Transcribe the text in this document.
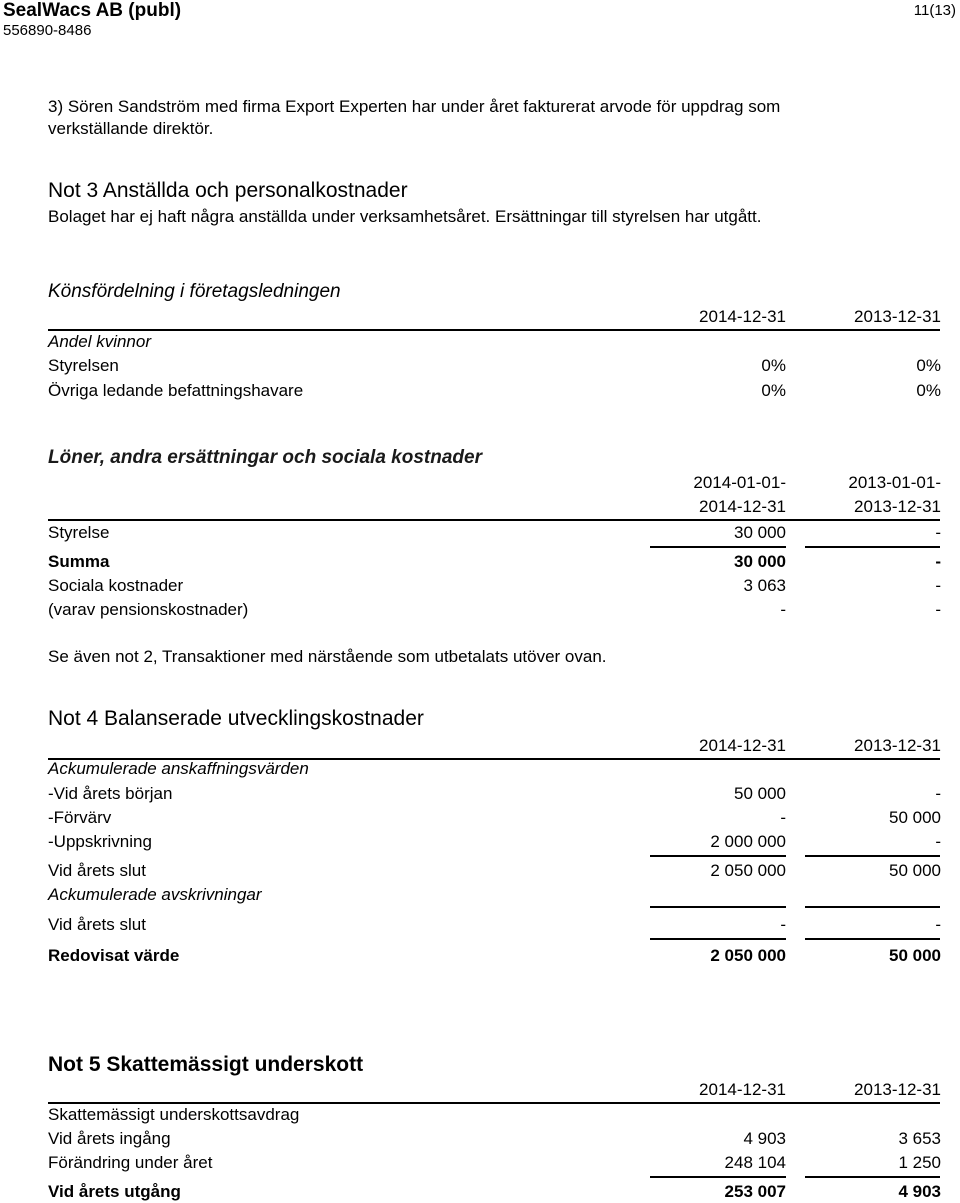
SealWacs AB (publ)
556890-8486
11(13)
3) Sören Sandström med firma Export Experten har under året fakturerat arvode för uppdrag som
verkställande direktör.
Not 3 Anställda och personalkostnader
Bolaget har ej haft några anställda under verksamhetsåret. Ersättningar till styrelsen har utgått.
Könsfördelning i företagsledningen
2014-12-31	2013-12-31
Andel kvinnor
Styrelsen	0%	0%
Övriga ledande befattningshavare	0%	0%
Löner, andra ersättningar och sociala kostnader
2014-01-01-	2013-01-01-
2014-12-31	2013-12-31
Styrelse	30 000	-
Summa	30 000	-
Sociala kostnader	3 063	-
(varav pensionskostnader)	-	-
Se även not 2, Transaktioner med närstående som utbetalats utöver ovan.
Not 4 Balanserade utvecklingskostnader
2014-12-31	2013-12-31
Ackumulerade anskaffningsvärden
-Vid årets början	50 000	-
-Förvärv	-	50 000
-Uppskrivning	2 000 000	-
Vid årets slut	2 050 000	50 000
Ackumulerade avskrivningar
Vid årets slut	-	-
Redovisat värde	2 050 000	50 000
Not 5 Skattemässigt underskott
2014-12-31	2013-12-31
Skattemässigt underskottsavdrag
Vid årets ingång	4 903	3 653
Förändring under året	248 104	1 250
Vid årets utgång	253 007	4 903
